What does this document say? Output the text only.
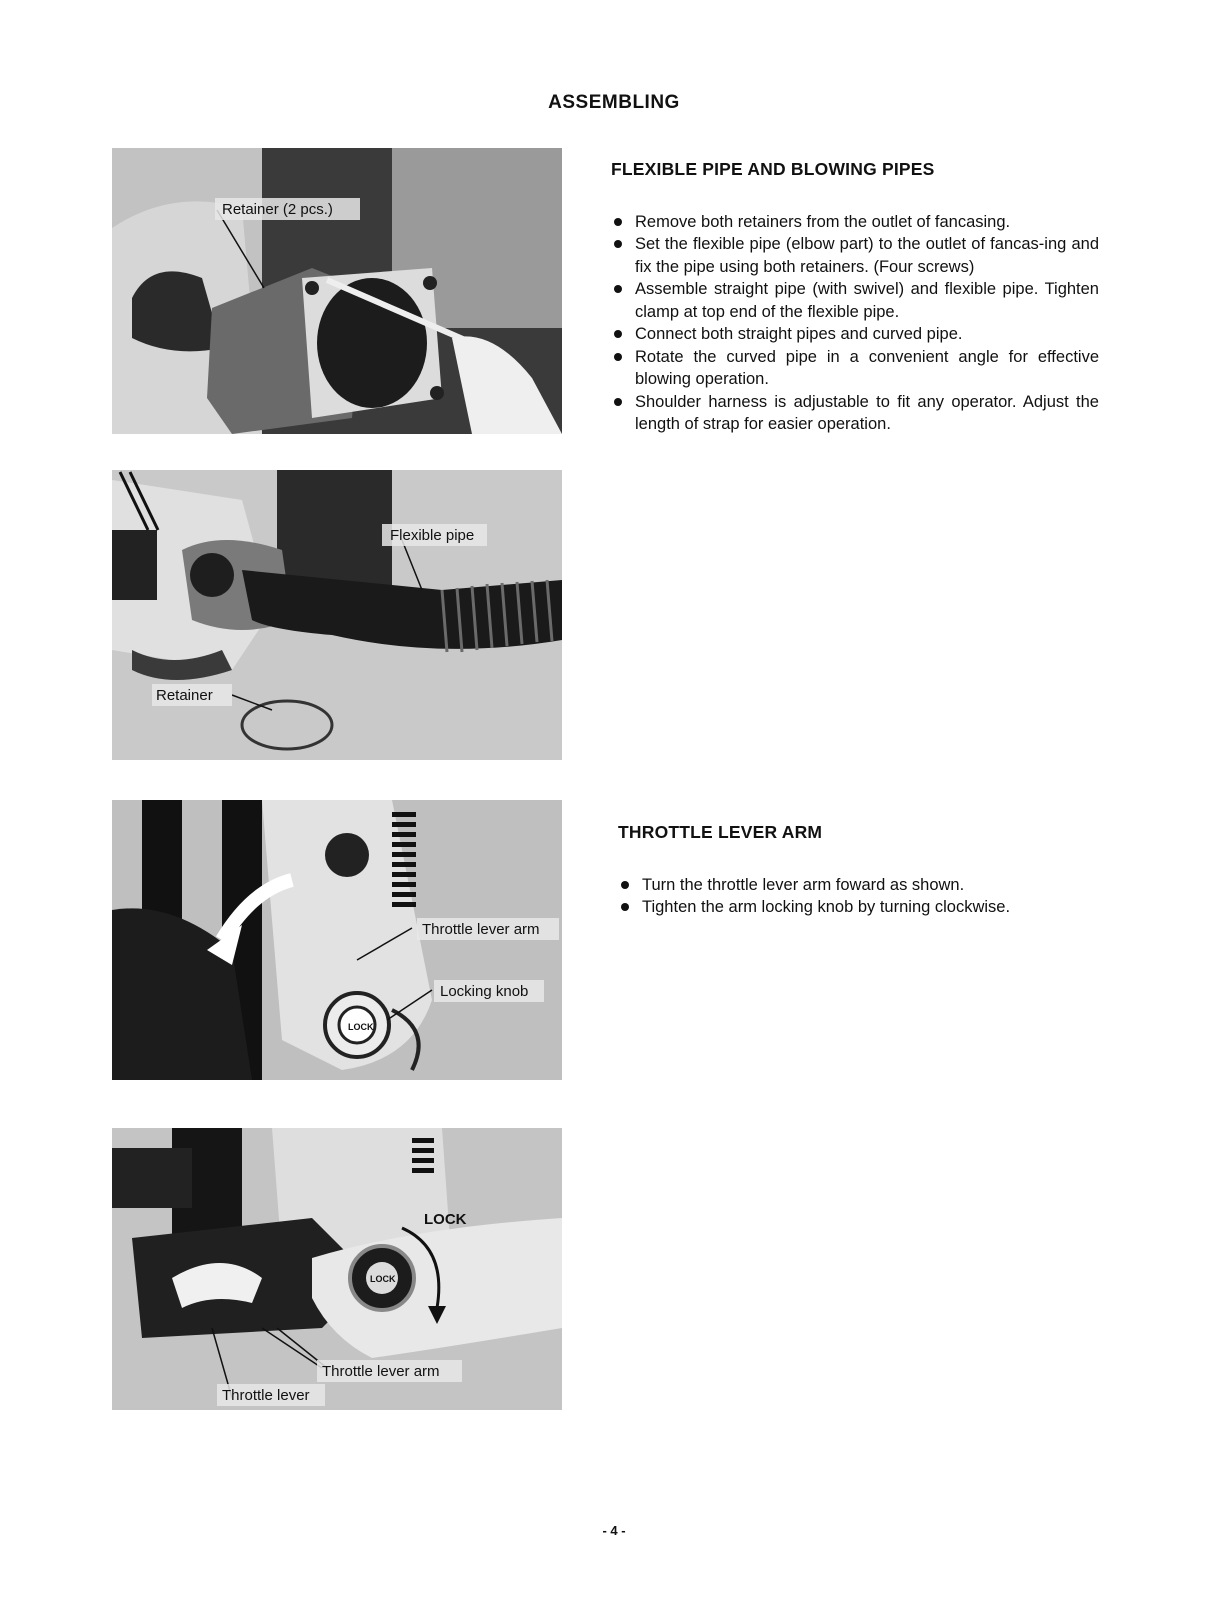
ASSEMBLING
Retainer (2 pcs.)
Flexible pipe
Retainer
LOCK
Throttle lever arm
Locking knob
LOCK
LOCK
Throttle lever arm
Throttle lever
FLEXIBLE PIPE AND BLOWING PIPES
Remove both retainers from the outlet of fancasing.
Set the flexible pipe (elbow part) to the outlet of fancas-ing and fix the pipe using both retainers. (Four screws)
Assemble straight pipe (with swivel) and flexible pipe. Tighten clamp at top end of the flexible pipe.
Connect both straight pipes and curved pipe.
Rotate the curved pipe in a convenient angle for effective blowing operation.
Shoulder harness is adjustable to fit any operator. Adjust the length of strap for easier operation.
THROTTLE LEVER ARM
Turn the throttle lever arm foward as shown.
Tighten the arm locking knob by turning clockwise.
- 4 -
